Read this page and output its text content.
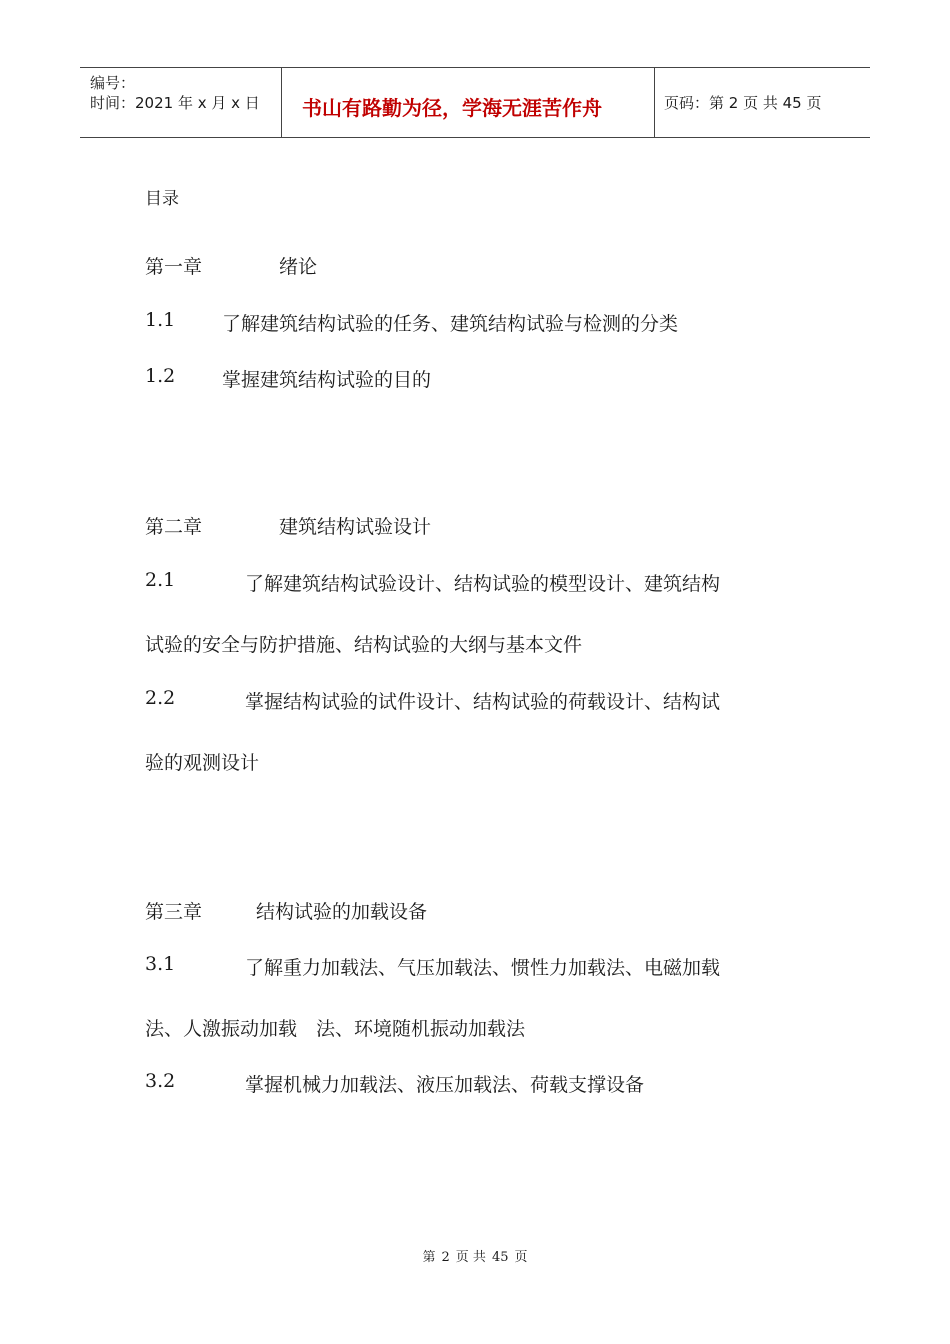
编号：
时间：2021 年 x 月 x 日 书山有路勤为径，学海无涯苦作舟	页码：第 2 页 共 45 页
目录
第一章	绪论
1.1 了解建筑结构试验的任务、建筑结构试验与检测的分类
1.2 掌握建筑结构试验的目的
第二章	建筑结构试验设计
2.1	了解建筑结构试验设计、结构试验的模型设计、建筑结构
试验的安全与防护措施、结构试验的大纲与基本文件
2.2	掌握结构试验的试件设计、结构试验的荷载设计、结构试
验的观测设计
第三章	结构试验的加载设备
3.1	了解重力加载法、气压加载法、惯性力加载法、电磁加载
法、人激振动加载　法、环境随机振动加载法
3.2	掌握机械力加载法、液压加载法、荷载支撑设备
第 2 页 共 45 页
